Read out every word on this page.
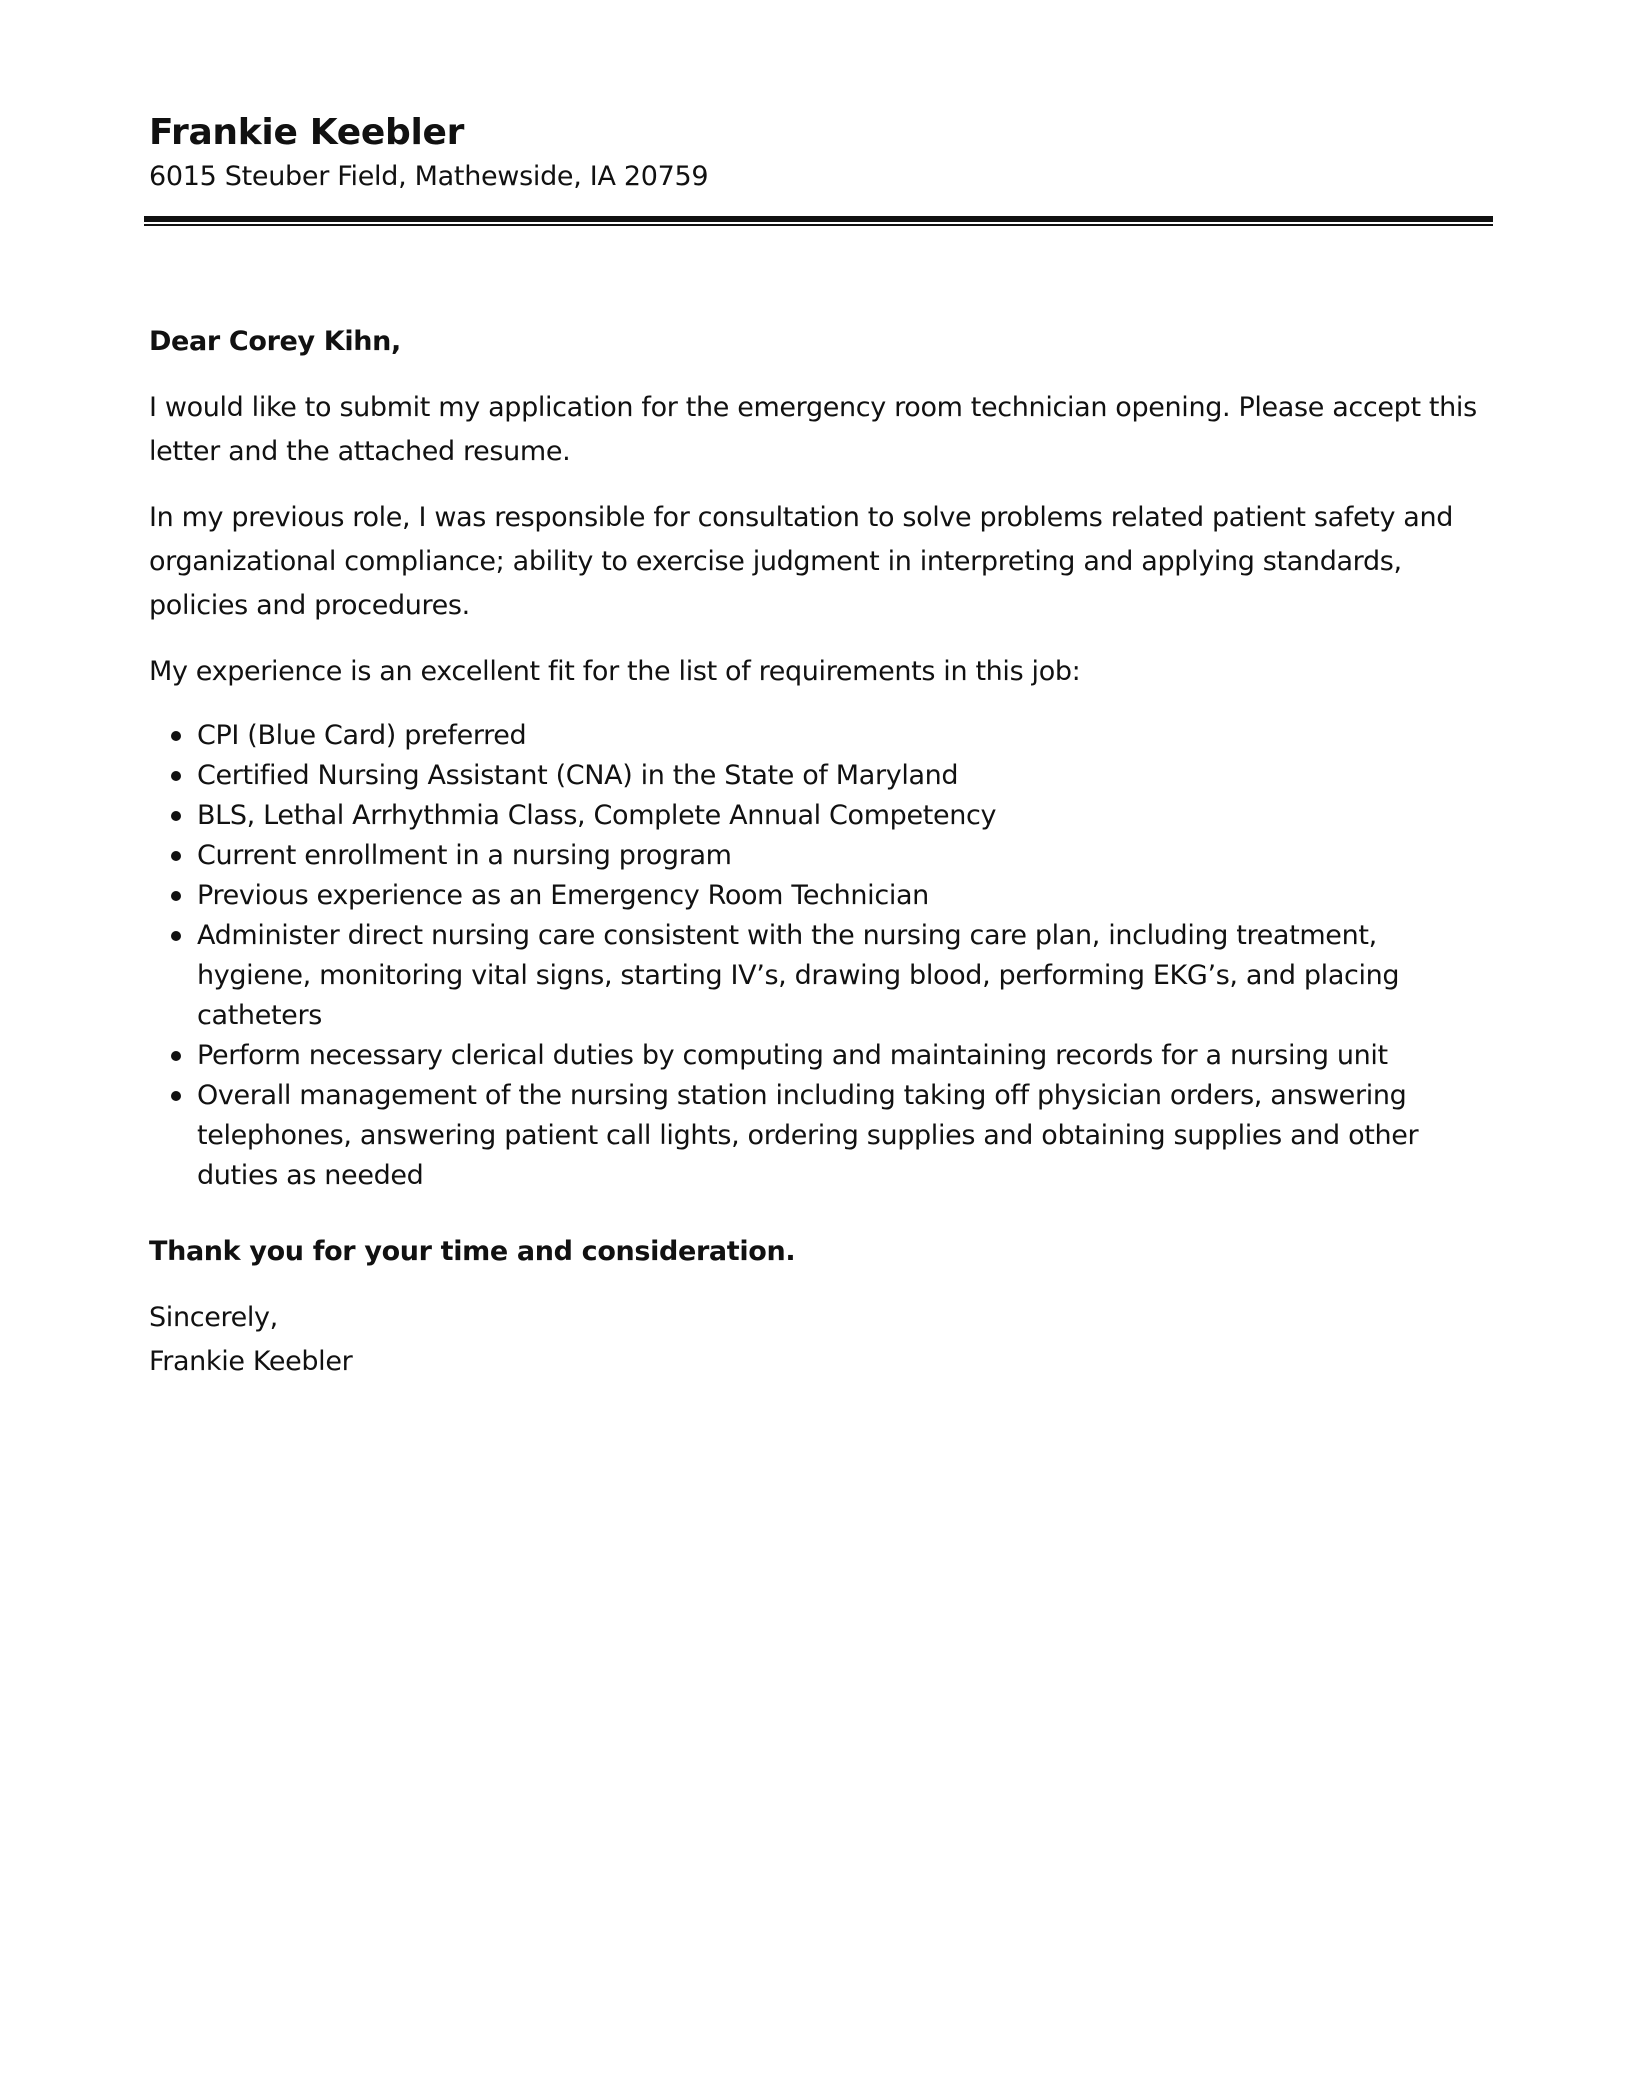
Frankie Keebler

6015 Steuber Field, Mathewside, IA 20759

Dear Corey Kihn,

I would like to submit my application for the emergency room technician opening. Please accept this letter and the attached resume.

In my previous role, I was responsible for consultation to solve problems related patient safety and organizational compliance; ability to exercise judgment in interpreting and applying standards, policies and procedures.

My experience is an excellent fit for the list of requirements in this job:

CPI (Blue Card) preferred
Certified Nursing Assistant (CNA) in the State of Maryland
BLS, Lethal Arrhythmia Class, Complete Annual Competency
Current enrollment in a nursing program
Previous experience as an Emergency Room Technician
Administer direct nursing care consistent with the nursing care plan, including treatment, hygiene, monitoring vital signs, starting IV’s, drawing blood, performing EKG’s, and placing catheters
Perform necessary clerical duties by computing and maintaining records for a nursing unit
Overall management of the nursing station including taking off physician orders, answering telephones, answering patient call lights, ordering supplies and obtaining supplies and other duties as needed

Thank you for your time and consideration.

Sincerely,

Frankie Keebler
